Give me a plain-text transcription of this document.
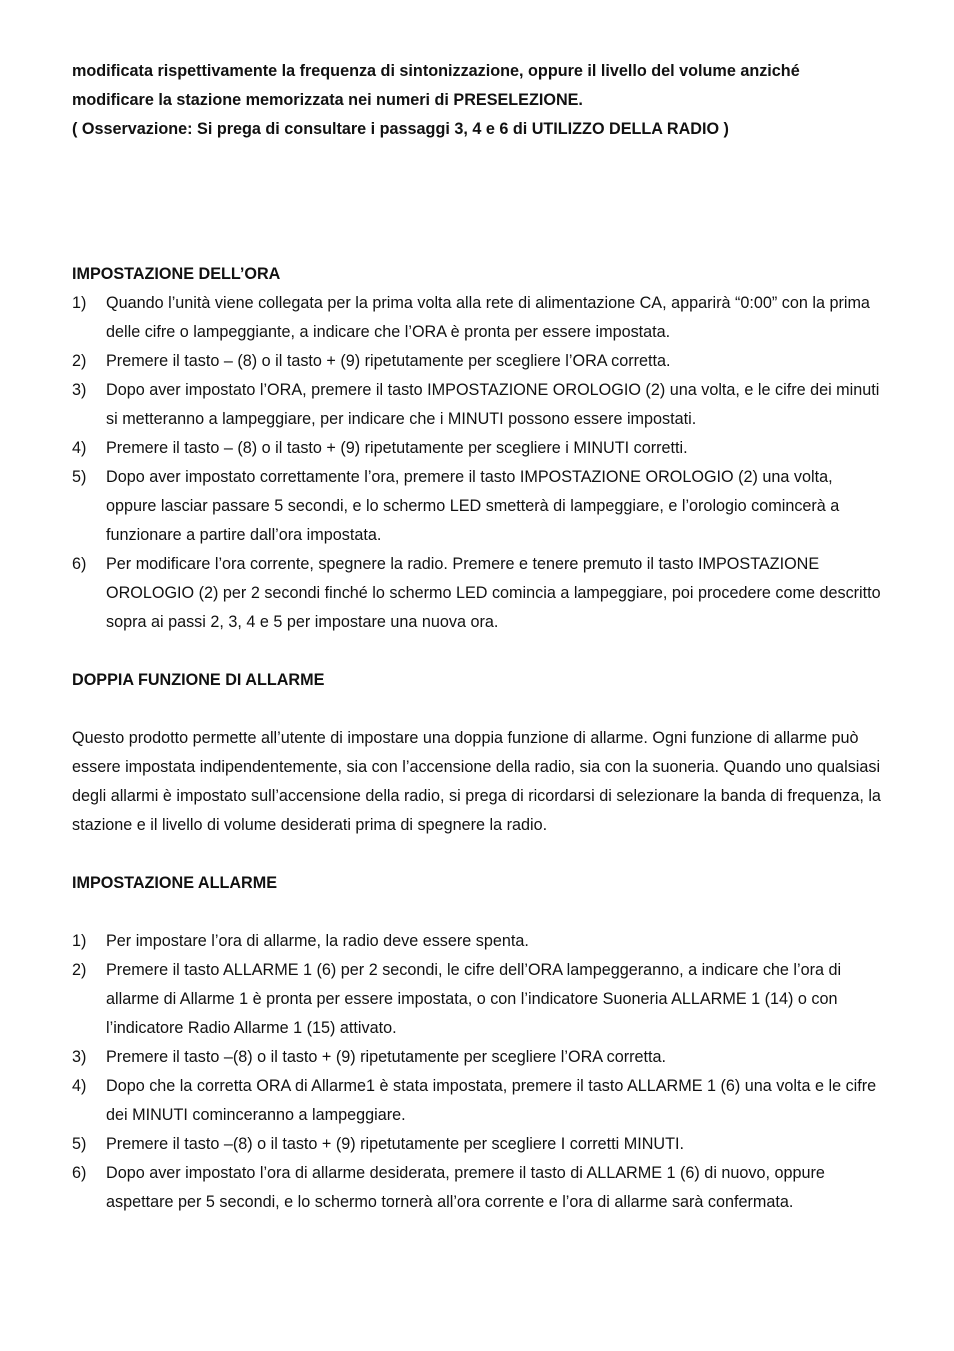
modificata rispettivamente la frequenza di sintonizzazione, oppure il livello del volume anziché
modificare la stazione memorizzata nei numeri di PRESELEZIONE.
( Osservazione: Si prega di consultare i passaggi 3, 4 e 6 di UTILIZZO DELLA RADIO )
IMPOSTAZIONE DELL’ORA
1) Quando l’unità viene collegata per la prima volta alla rete di alimentazione CA, apparirà “0:00” con la prima delle cifre o lampeggiante, a indicare che l’ORA è pronta per essere impostata.
2) Premere il tasto – (8) o il tasto + (9) ripetutamente per scegliere l’ORA corretta.
3) Dopo aver impostato l’ORA, premere il tasto IMPOSTAZIONE OROLOGIO (2) una volta, e le cifre dei minuti si metteranno a lampeggiare, per indicare che i MINUTI possono essere impostati.
4) Premere il tasto – (8) o il tasto + (9) ripetutamente per scegliere i MINUTI corretti.
5) Dopo aver impostato correttamente l’ora, premere il tasto IMPOSTAZIONE OROLOGIO (2) una volta, oppure lasciar passare 5 secondi, e lo schermo LED smetterà di lampeggiare, e l’orologio comincerà a funzionare a partire dall’ora impostata.
6) Per modificare l’ora corrente, spegnere la radio. Premere e tenere premuto il tasto IMPOSTAZIONE OROLOGIO (2) per 2 secondi finché lo schermo LED comincia a lampeggiare, poi procedere come descritto sopra ai passi 2, 3, 4 e 5 per impostare una nuova ora.
DOPPIA FUNZIONE DI ALLARME

Questo prodotto permette all’utente di impostare una doppia funzione di allarme. Ogni funzione di allarme può essere impostata indipendentemente, sia con l’accensione della radio, sia con la suoneria. Quando uno qualsiasi degli allarmi è impostato sull’accensione della radio, si prega di ricordarsi di selezionare la banda di frequenza, la stazione e il livello di volume desiderati prima di spegnere la radio.

IMPOSTAZIONE ALLARME
1) Per impostare l’ora di allarme, la radio deve essere spenta.
2) Premere il tasto ALLARME 1 (6) per 2 secondi, le cifre dell’ORA lampeggeranno, a indicare che l’ora di allarme di Allarme 1 è pronta per essere impostata, o con l’indicatore Suoneria ALLARME 1 (14) o con l’indicatore Radio Allarme 1 (15) attivato.
3) Premere il tasto –(8) o il tasto + (9) ripetutamente per scegliere l’ORA corretta.
4) Dopo che la corretta ORA di Allarme1 è stata impostata, premere il tasto ALLARME 1 (6) una volta e le cifre dei MINUTI cominceranno a lampeggiare.
5) Premere il tasto –(8) o il tasto + (9) ripetutamente per scegliere I corretti MINUTI.
6) Dopo aver impostato l’ora di allarme desiderata, premere il tasto di ALLARME 1 (6) di nuovo, oppure aspettare per 5 secondi, e lo schermo tornerà all’ora corrente e l’ora di allarme sarà confermata.
